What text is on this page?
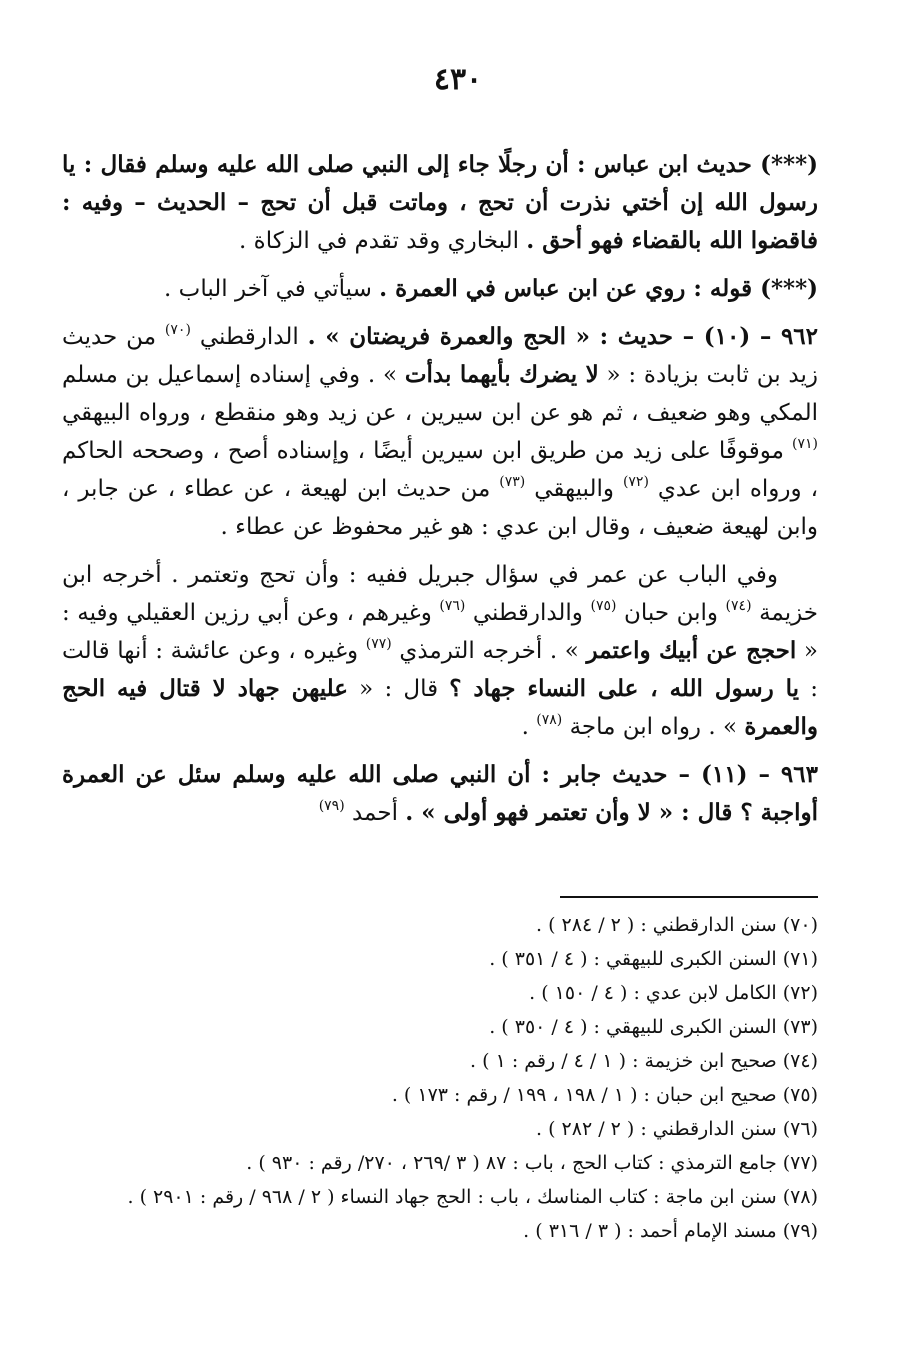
٤٣٠

(***) حديث ابن عباس : أن رجلًا جاء إلى النبي صلى الله عليه وسلم فقال : يا رسول الله إن أختي نذرت أن تحج ، وماتت قبل أن تحج – الحديث – وفيه : فاقضوا الله بالقضاء فهو أحق . البخاري وقد تقدم في الزكاة .

(***) قوله : روي عن ابن عباس في العمرة . سيأتي في آخر الباب .

٩٦٢ – (١٠) – حديث : « الحج والعمرة فريضتان » . الدارقطني $^{(٧٠)}$ من حديث زيد بن ثابت بزيادة : « لا يضرك بأيهما بدأت » . وفي إسناده إسماعيل بن مسلم المكي وهو ضعيف ، ثم هو عن ابن سيرين ، عن زيد وهو منقطع ، ورواه البيهقي $^{(٧١)}$ موقوفًا على زيد من طريق ابن سيرين أيضًا ، وإسناده أصح ، وصححه الحاكم ، ورواه ابن عدي $^{(٧٢)}$ والبيهقي $^{(٧٣)}$ من حديث ابن لهيعة ، عن عطاء ، عن جابر ، وابن لهيعة ضعيف ، وقال ابن عدي : هو غير محفوظ عن عطاء .

وفي الباب عن عمر في سؤال جبريل ففيه : وأن تحج وتعتمر . أخرجه ابن خزيمة $^{(٧٤)}$ وابن حبان $^{(٧٥)}$ والدارقطني $^{(٧٦)}$ وغيرهم ، وعن أبي رزين العقيلي وفيه : « احجج عن أبيك واعتمر » . أخرجه الترمذي $^{(٧٧)}$ وغيره ، وعن عائشة : أنها قالت : يا رسول الله ، على النساء جهاد ؟ قال : « عليهن جهاد لا قتال فيه الحج والعمرة » . رواه ابن ماجة $^{(٧٨)}$ .

٩٦٣ – (١١) – حديث جابر : أن النبي صلى الله عليه وسلم سئل عن العمرة أواجبة ؟ قال : « لا وأن تعتمر فهو أولى » . أحمد $^{(٧٩)}$

(٧٠) سنن الدارقطني : ( ٢ / ٢٨٤ ) .

(٧١) السنن الكبرى للبيهقي : ( ٤ / ٣٥١ ) .

(٧٢) الكامل لابن عدي : ( ٤ / ١٥٠ ) .

(٧٣) السنن الكبرى للبيهقي : ( ٤ / ٣٥٠ ) .

(٧٤) صحيح ابن خزيمة : ( ١ / ٤ / رقم : ١ ) .

(٧٥) صحيح ابن حبان : ( ١ / ١٩٨ ، ١٩٩ / رقم : ١٧٣ ) .

(٧٦) سنن الدارقطني : ( ٢ / ٢٨٢ ) .

(٧٧) جامع الترمذي : كتاب الحج ، باب : ٨٧ ( ٣ /٢٦٩ ، ٢٧٠/ رقم : ٩٣٠ ) .

(٧٨) سنن ابن ماجة : كتاب المناسك ، باب : الحج جهاد النساء ( ٢ / ٩٦٨ / رقم : ٢٩٠١ ) .

(٧٩) مسند الإمام أحمد : ( ٣ / ٣١٦ ) .
